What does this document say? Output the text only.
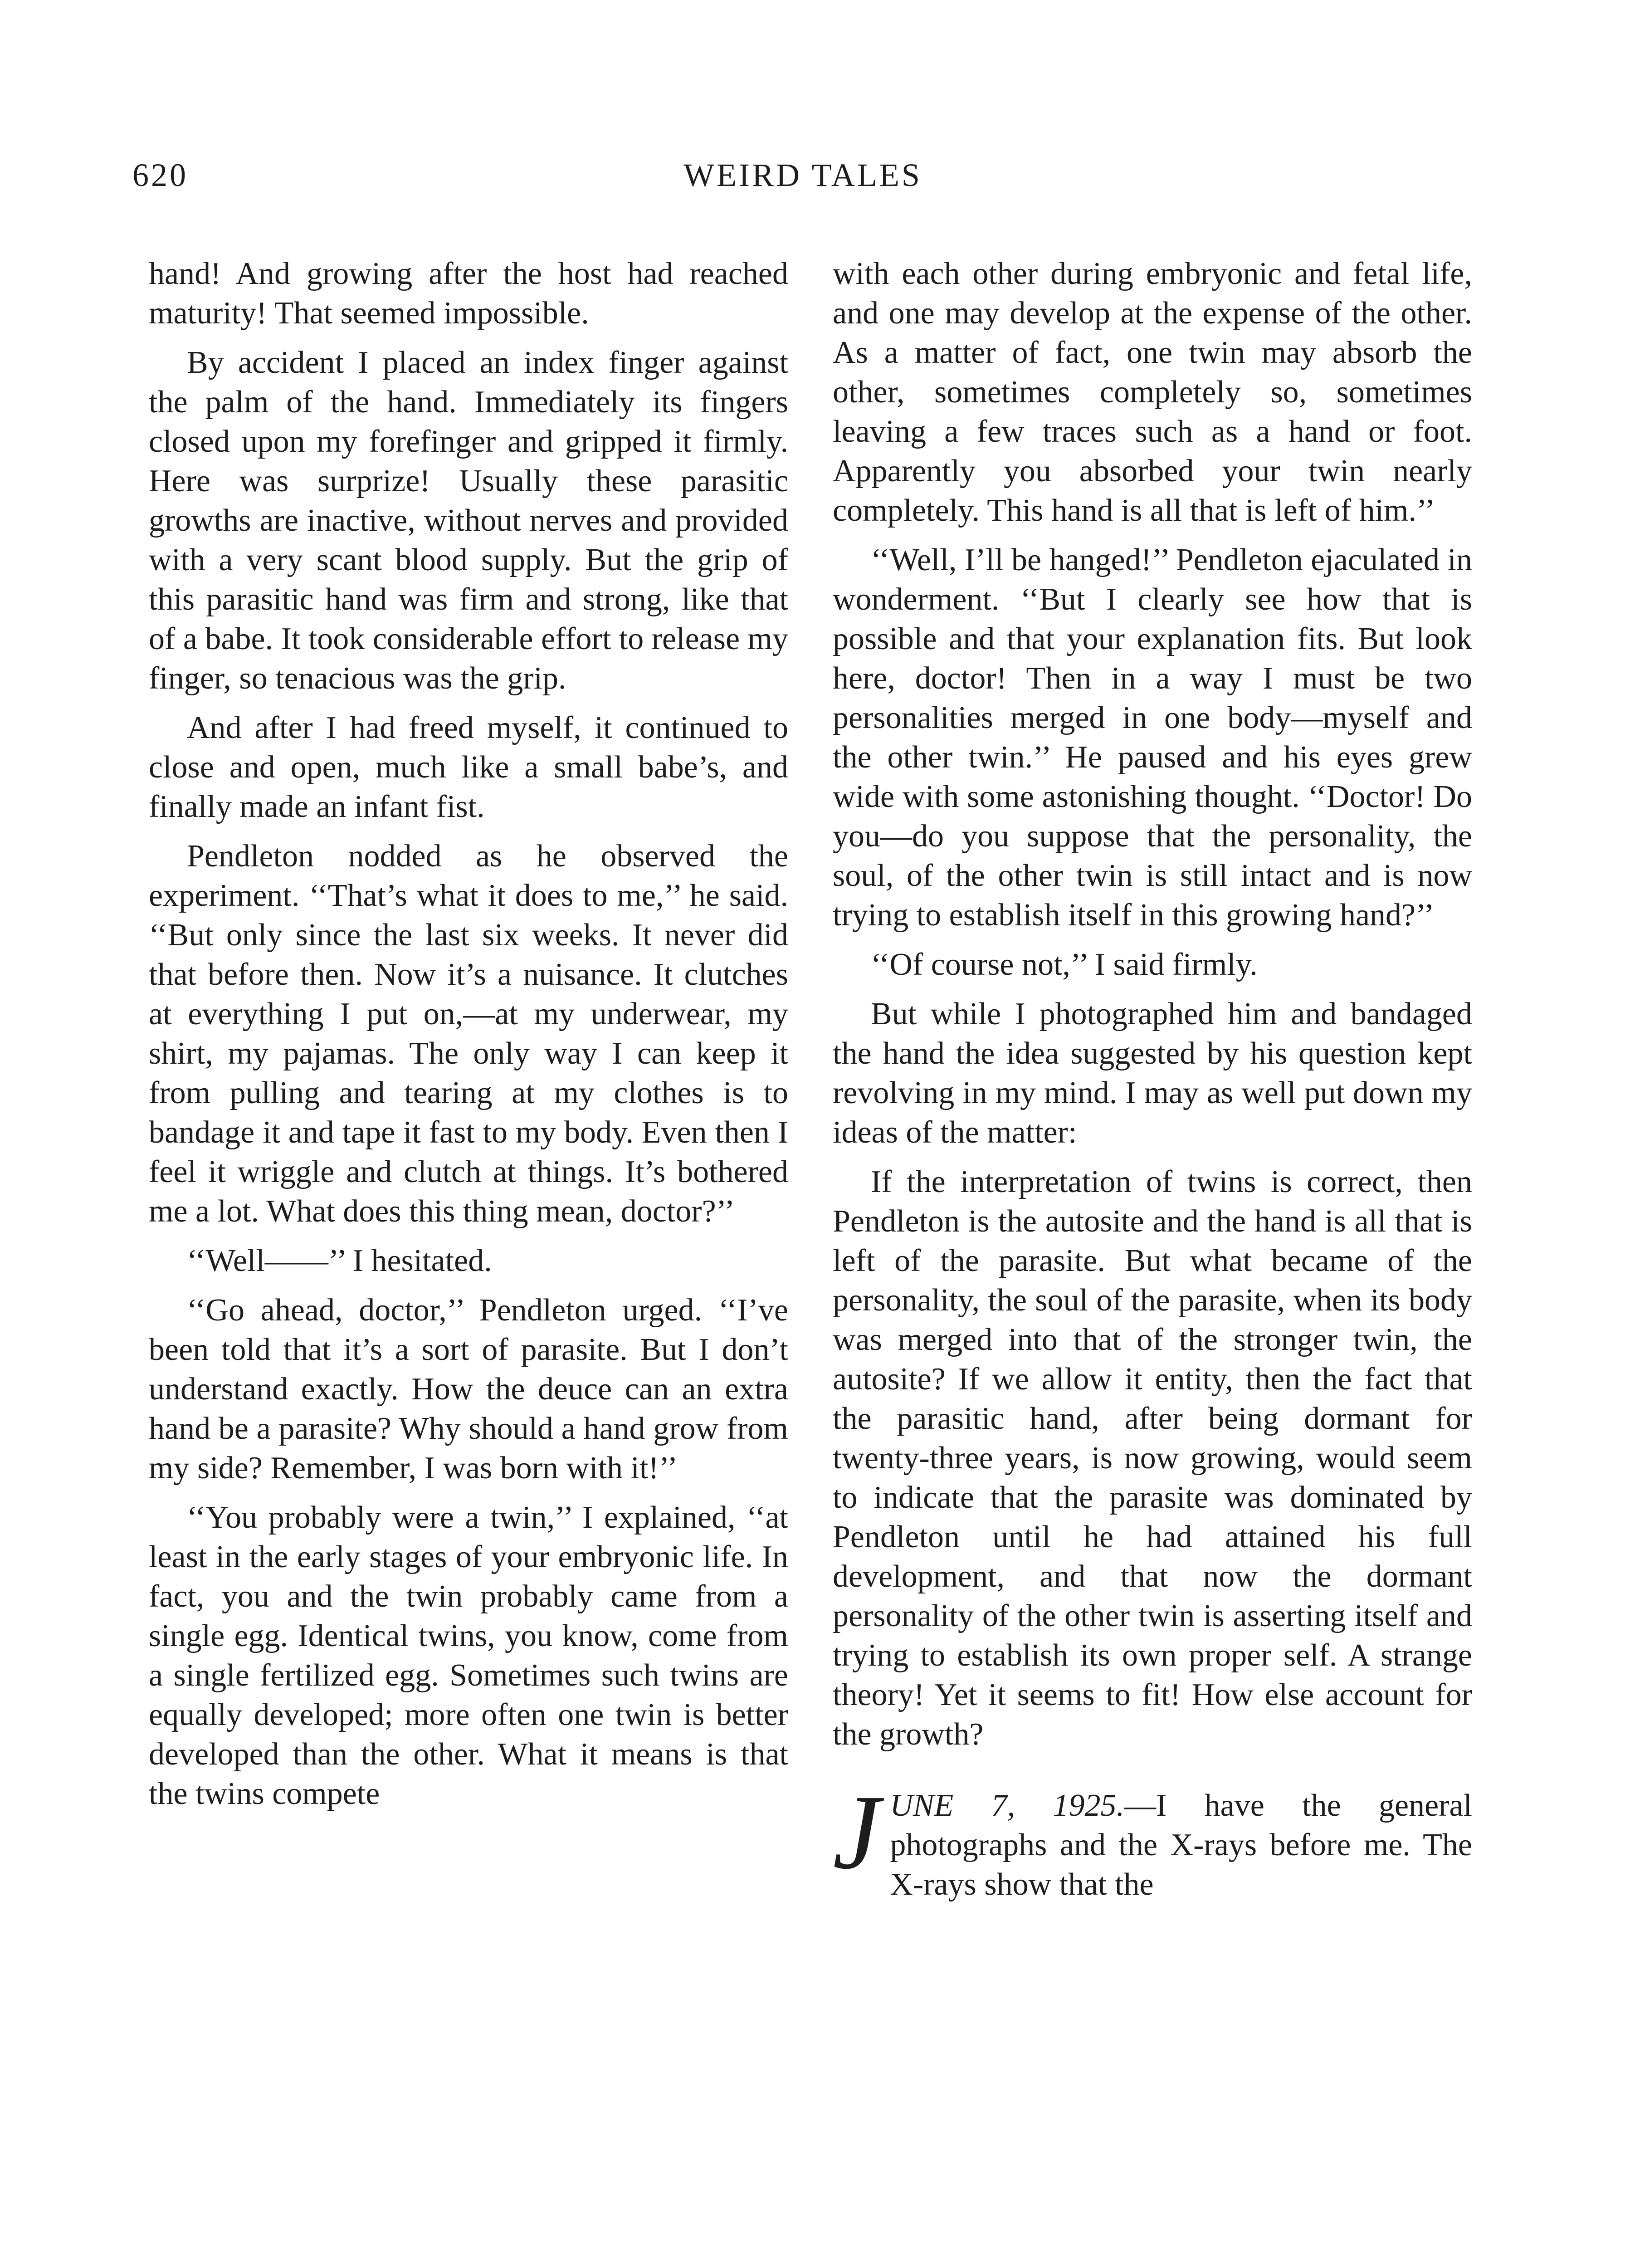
620	WEIRD TALES

hand! And growing after the host had reached maturity! That seemed impossible.

By accident I placed an index finger against the palm of the hand. Immediately its fingers closed upon my forefinger and gripped it firmly. Here was surprize! Usually these parasitic growths are inactive, without nerves and provided with a very scant blood supply. But the grip of this parasitic hand was firm and strong, like that of a babe. It took considerable effort to release my finger, so tenacious was the grip.

And after I had freed myself, it continued to close and open, much like a small babe’s, and finally made an infant fist.

Pendleton nodded as he observed the experiment. ‘‘That’s what it does to me,’’ he said. ‘‘But only since the last six weeks. It never did that before then. Now it’s a nuisance. It clutches at everything I put on,—at my underwear, my shirt, my pajamas. The only way I can keep it from pulling and tearing at my clothes is to bandage it and tape it fast to my body. Even then I feel it wriggle and clutch at things. It’s bothered me a lot. What does this thing mean, doctor?’’

‘‘Well——’’ I hesitated.

‘‘Go ahead, doctor,’’ Pendleton urged. ‘‘I’ve been told that it’s a sort of parasite. But I don’t understand exactly. How the deuce can an extra hand be a parasite? Why should a hand grow from my side? Remember, I was born with it!’’

‘‘You probably were a twin,’’ I explained, ‘‘at least in the early stages of your embryonic life. In fact, you and the twin probably came from a single egg. Identical twins, you know, come from a single fertilized egg. Sometimes such twins are equally developed; more often one twin is better developed than the other. What it means is that the twins compete

with each other during embryonic and fetal life, and one may develop at the expense of the other. As a matter of fact, one twin may absorb the other, sometimes completely so, sometimes leaving a few traces such as a hand or foot. Apparently you absorbed your twin nearly completely. This hand is all that is left of him.’’

‘‘Well, I’ll be hanged!’’ Pendleton ejaculated in wonderment. ‘‘But I clearly see how that is possible and that your explanation fits. But look here, doctor! Then in a way I must be two personalities merged in one body—myself and the other twin.’’ He paused and his eyes grew wide with some astonishing thought. ‘‘Doctor! Do you—do you suppose that the personality, the soul, of the other twin is still intact and is now trying to establish itself in this growing hand?’’

‘‘Of course not,’’ I said firmly.

But while I photographed him and bandaged the hand the idea suggested by his question kept revolving in my mind. I may as well put down my ideas of the matter:

If the interpretation of twins is correct, then Pendleton is the autosite and the hand is all that is left of the parasite. But what became of the personality, the soul of the parasite, when its body was merged into that of the stronger twin, the autosite? If we allow it entity, then the fact that the parasitic hand, after being dormant for twenty-three years, is now growing, would seem to indicate that the parasite was dominated by Pendleton until he had attained his full development, and that now the dormant personality of the other twin is asserting itself and trying to establish its own proper self. A strange theory! Yet it seems to fit! How else account for the growth?

JUNE 7, 1925.—I have the general photographs and the X-rays before me. The X-rays show that the
